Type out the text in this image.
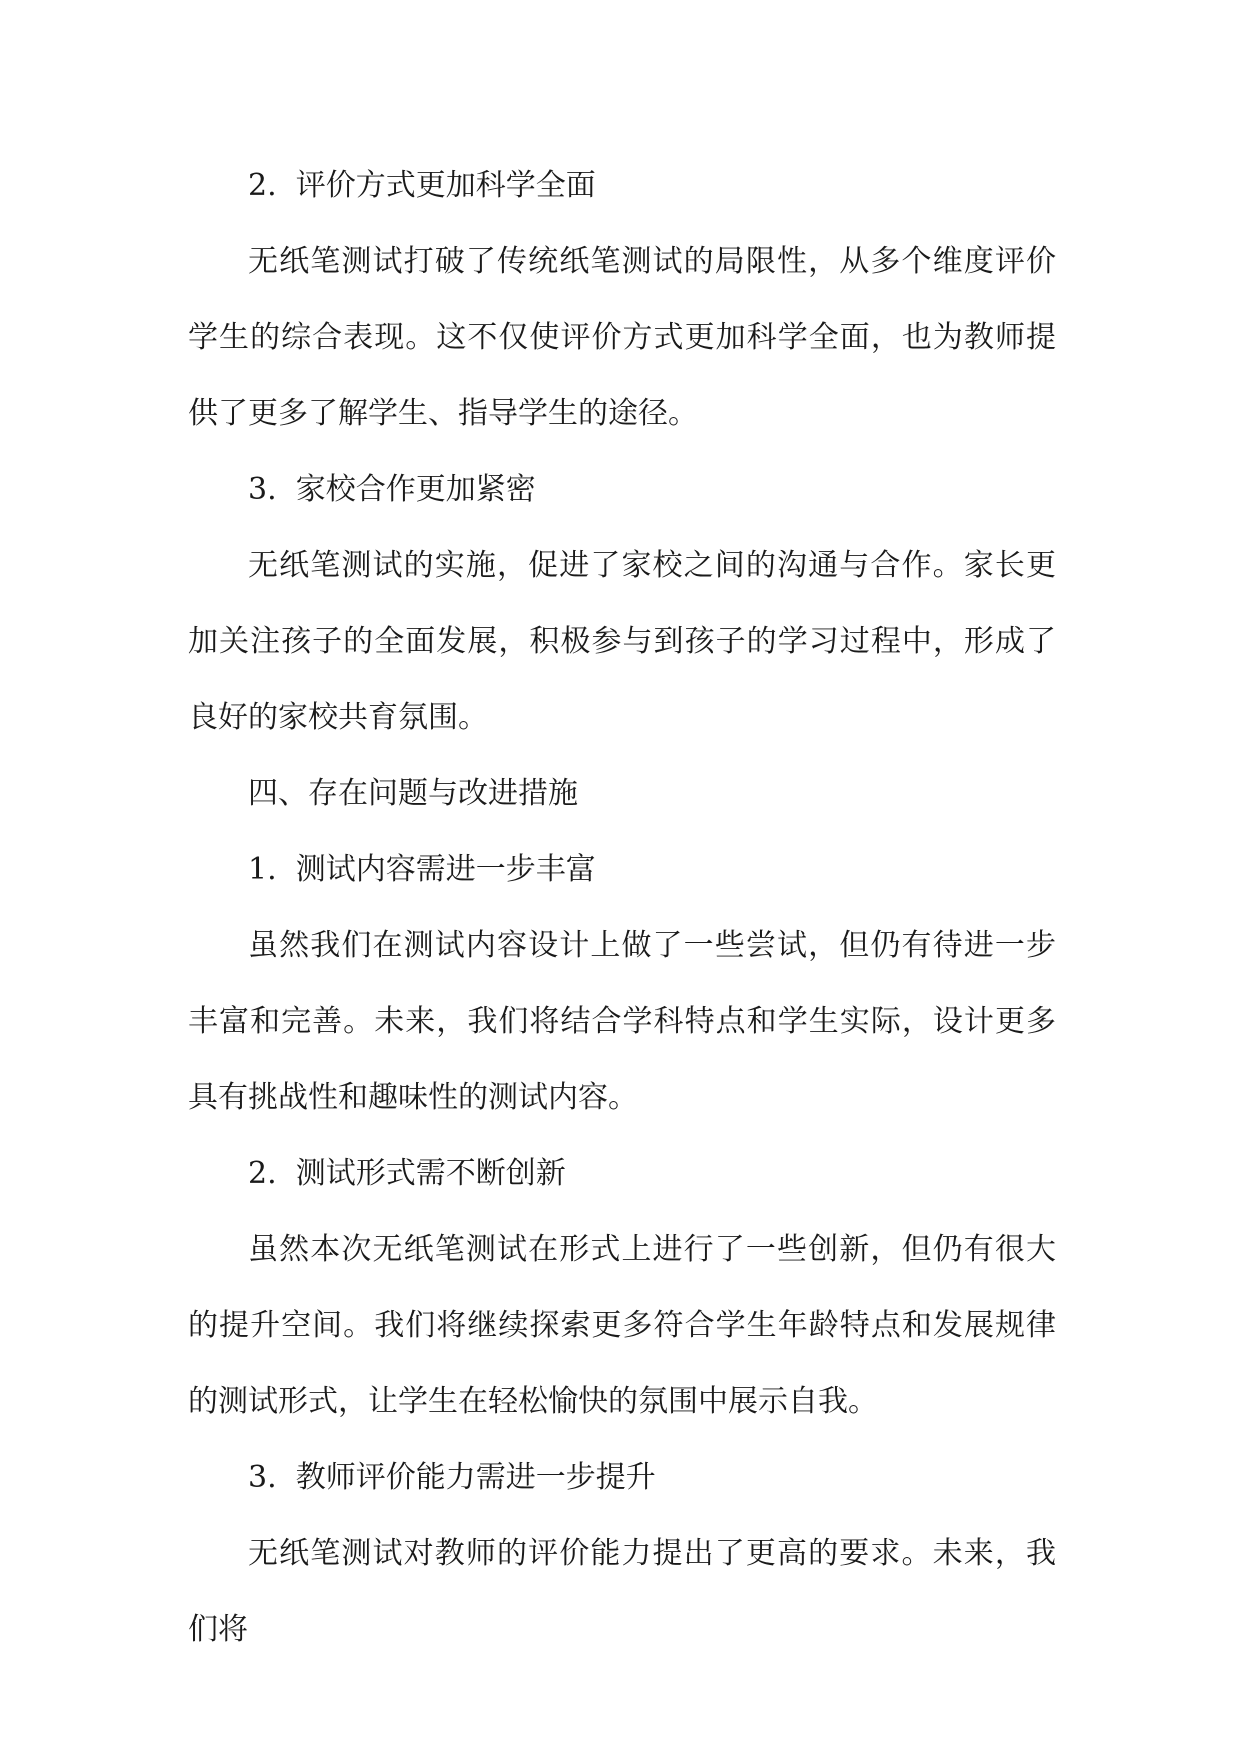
2.  评价方式更加科学全面

无纸笔测试打破了传统纸笔测试的局限性，从多个维度评价学生的综合表现。这不仅使评价方式更加科学全面，也为教师提供了更多了解学生、指导学生的途径。

3.  家校合作更加紧密

无纸笔测试的实施，促进了家校之间的沟通与合作。家长更加关注孩子的全面发展，积极参与到孩子的学习过程中，形成了良好的家校共育氛围。

四、存在问题与改进措施

1.  测试内容需进一步丰富

虽然我们在测试内容设计上做了一些尝试，但仍有待进一步丰富和完善。未来，我们将结合学科特点和学生实际，设计更多具有挑战性和趣味性的测试内容。

2.  测试形式需不断创新

虽然本次无纸笔测试在形式上进行了一些创新，但仍有很大的提升空间。我们将继续探索更多符合学生年龄特点和发展规律的测试形式，让学生在轻松愉快的氛围中展示自我。

3.  教师评价能力需进一步提升

无纸笔测试对教师的评价能力提出了更高的要求。未来，我们将
